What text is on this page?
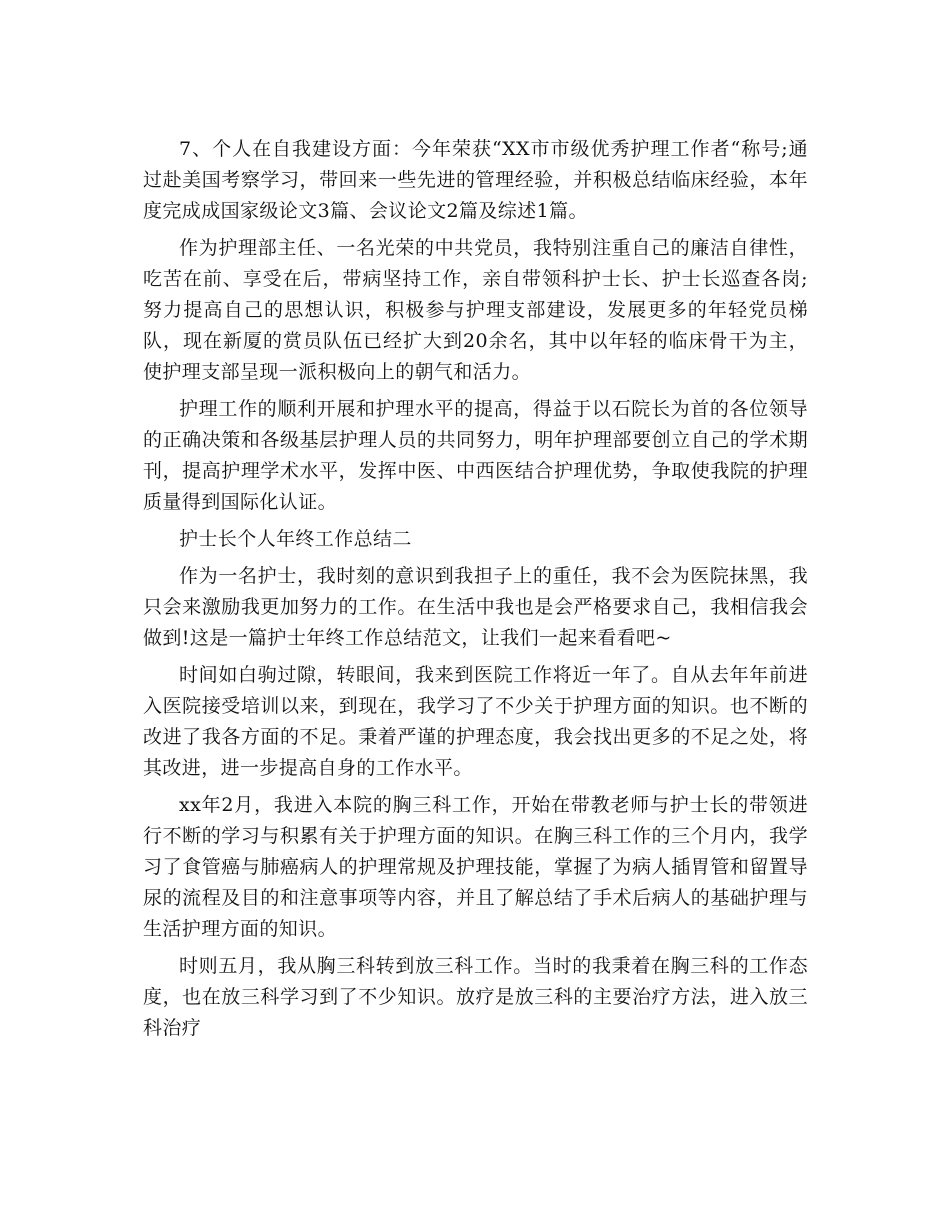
7、个人在自我建设方面：今年荣获“XX市市级优秀护理工作者“称号;通过赴美国考察学习，带回来一些先进的管理经验，并积极总结临床经验，本年度完成成国家级论文3篇、会议论文2篇及综述1篇。

作为护理部主任、一名光荣的中共党员，我特别注重自己的廉洁自律性，吃苦在前、享受在后，带病坚持工作，亲自带领科护士长、护士长巡查各岗;努力提高自己的思想认识，积极参与护理支部建设，发展更多的年轻党员梯队，现在新厦的赏员队伍已经扩大到20余名，其中以年轻的临床骨干为主，使护理支部呈现一派积极向上的朝气和活力。

护理工作的顺利开展和护理水平的提高，得益于以石院长为首的各位领导的正确决策和各级基层护理人员的共同努力，明年护理部要创立自己的学术期刊，提高护理学术水平，发挥中医、中西医结合护理优势，争取使我院的护理质量得到国际化认证。

护士长个人年终工作总结二

作为一名护士，我时刻的意识到我担子上的重任，我不会为医院抹黑，我只会来激励我更加努力的工作。在生活中我也是会严格要求自己，我相信我会做到!这是一篇护士年终工作总结范文，让我们一起来看看吧~

时间如白驹过隙，转眼间，我来到医院工作将近一年了。自从去年年前进入医院接受培训以来，到现在，我学习了不少关于护理方面的知识。也不断的改进了我各方面的不足。秉着严谨的护理态度，我会找出更多的不足之处，将其改进，进一步提高自身的工作水平。

xx年2月，我进入本院的胸三科工作，开始在带教老师与护士长的带领进行不断的学习与积累有关于护理方面的知识。在胸三科工作的三个月内，我学习了食管癌与肺癌病人的护理常规及护理技能，掌握了为病人插胃管和留置导尿的流程及目的和注意事项等内容，并且了解总结了手术后病人的基础护理与生活护理方面的知识。

时则五月，我从胸三科转到放三科工作。当时的我秉着在胸三科的工作态度，也在放三科学习到了不少知识。放疗是放三科的主要治疗方法，进入放三科治疗
